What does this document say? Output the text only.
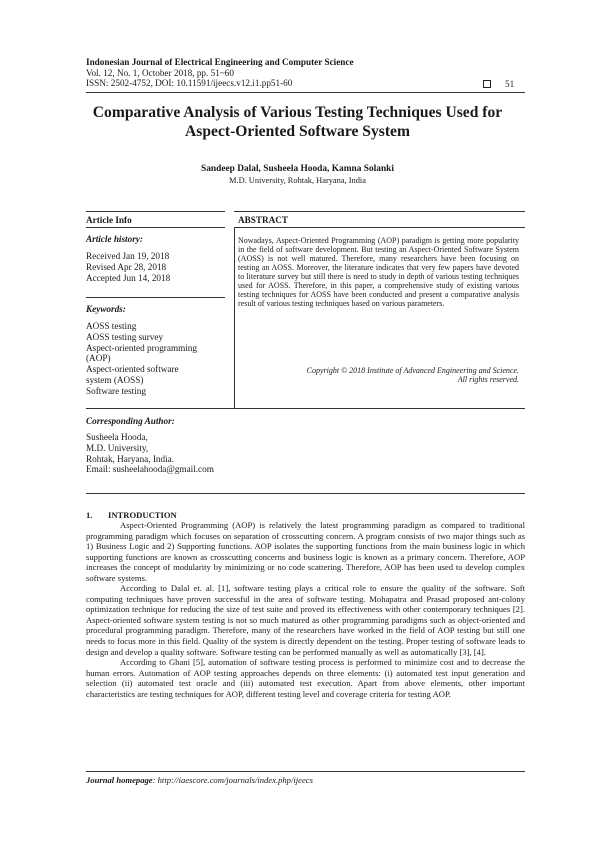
Indonesian Journal of Electrical Engineering and Computer Science
Vol. 12, No. 1, October 2018, pp. 51~60
ISSN: 2502-4752, DOI: 10.11591/ijeecs.v12.i1.pp51-60	51
Comparative Analysis of Various Testing Techniques Used for
Aspect-Oriented Software System
Sandeep Dalal, Susheela Hooda, Kamna Solanki
M.D. University, Rohtak, Haryana, India
Article Info	ABSTRACT
Article history:
Received Jan 19, 2018
Revised Apr 28, 2018
Accepted Jun 14, 2018
Keywords:
AOSS testing
AOSS testing survey
Aspect-oriented programming
(AOP)
Aspect-oriented software
system (AOSS)
Software testing
Nowadays, Aspect-Oriented Programming (AOP) paradigm is getting more popularity in the field of software development. But testing an Aspect-Oriented Software System (AOSS) is not well matured. Therefore, many researchers have been focusing on testing an AOSS. Moreover, the literature indicates that very few papers have devoted to literature survey but still there is need to study in depth of various testing techniques used for AOSS. Therefore, in this paper, a comprehensive study of existing various testing techniques for AOSS have been conducted and present a comparative analysis result of various testing techniques based on various parameters.
Copyright © 2018 Institute of Advanced Engineering and Science.
All rights reserved.
Corresponding Author:
Susheela Hooda,
M.D. University,
Rohtak, Haryana, India.
Email: susheelahooda@gmail.com
1. INTRODUCTION

Aspect-Oriented Programming (AOP) is relatively the latest programming paradigm as compared to traditional programming paradigm which focuses on separation of crosscutting concern. A program consists of two major things such as 1) Business Logic and 2) Supporting functions. AOP isolates the supporting functions from the main business logic in which supporting functions are known as crosscutting concerns and business logic is known as a primary concern. Therefore, AOP increases the concept of modularity by minimizing or no code scattering. Therefore, AOP has been used to develop complex software systems.

According to Dalal et. al. [1], software testing plays a critical role to ensure the quality of the software. Soft computing techniques have proven successful in the area of software testing. Mohapatra and Prasad proposed ant-colony optimization technique for reducing the size of test suite and proved its effectiveness with other contemporary techniques [2]. Aspect-oriented software system testing is not so much matured as other programming paradigms such as object-oriented and procedural programming paradigm. Therefore, many of the researchers have worked in the field of AOP testing but still one needs to focus more in this field. Quality of the system is directly dependent on the testing. Proper testing of software leads to design and develop a quality software. Software testing can be performed manually as well as automatically [3], [4].

According to Ghani [5], automation of software testing process is performed to minimize cost and to decrease the human errors. Automation of AOP testing approaches depends on three elements: (i) automated test input generation and selection (ii) automated test oracle and (iii) automated test execution. Apart from above elements, other important characteristics are testing techniques for AOP, different testing level and coverage criteria for testing AOP.

Journal homepage: http://iaescore.com/journals/index.php/ijeecs
